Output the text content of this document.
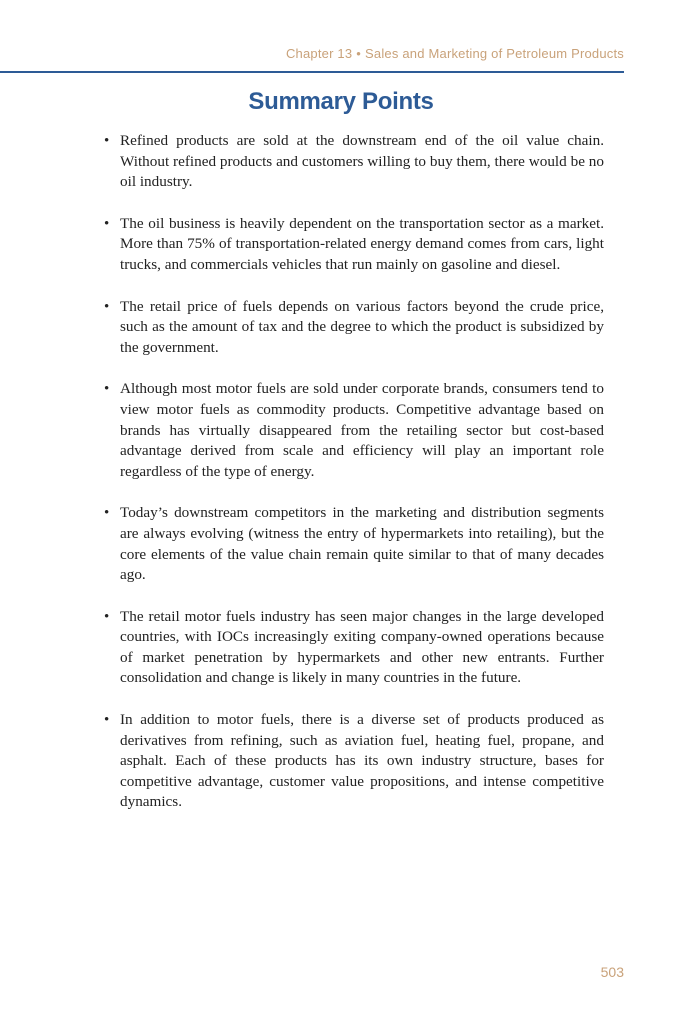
Chapter 13 • Sales and Marketing of Petroleum Products
Summary Points
• Refined products are sold at the downstream end of the oil value chain. Without refined products and customers willing to buy them, there would be no oil industry.
• The oil business is heavily dependent on the transportation sector as a market. More than 75% of transportation-related energy demand comes from cars, light trucks, and commercials vehicles that run mainly on gasoline and diesel.
• The retail price of fuels depends on various factors beyond the crude price, such as the amount of tax and the degree to which the product is subsidized by the government.
• Although most motor fuels are sold under corporate brands, consumers tend to view motor fuels as commodity products. Competitive advantage based on brands has virtually disappeared from the retailing sector but cost-based advantage derived from scale and efficiency will play an important role regardless of the type of energy.
• Today’s downstream competitors in the marketing and distribution segments are always evolving (witness the entry of hypermarkets into retailing), but the core elements of the value chain remain quite similar to that of many decades ago.
• The retail motor fuels industry has seen major changes in the large developed countries, with IOCs increasingly exiting company-owned operations because of market penetration by hypermarkets and other new entrants. Further consolidation and change is likely in many countries in the future.
• In addition to motor fuels, there is a diverse set of products produced as derivatives from refining, such as aviation fuel, heating fuel, propane, and asphalt. Each of these products has its own industry structure, bases for competitive advantage, customer value propositions, and intense competitive dynamics.
503
